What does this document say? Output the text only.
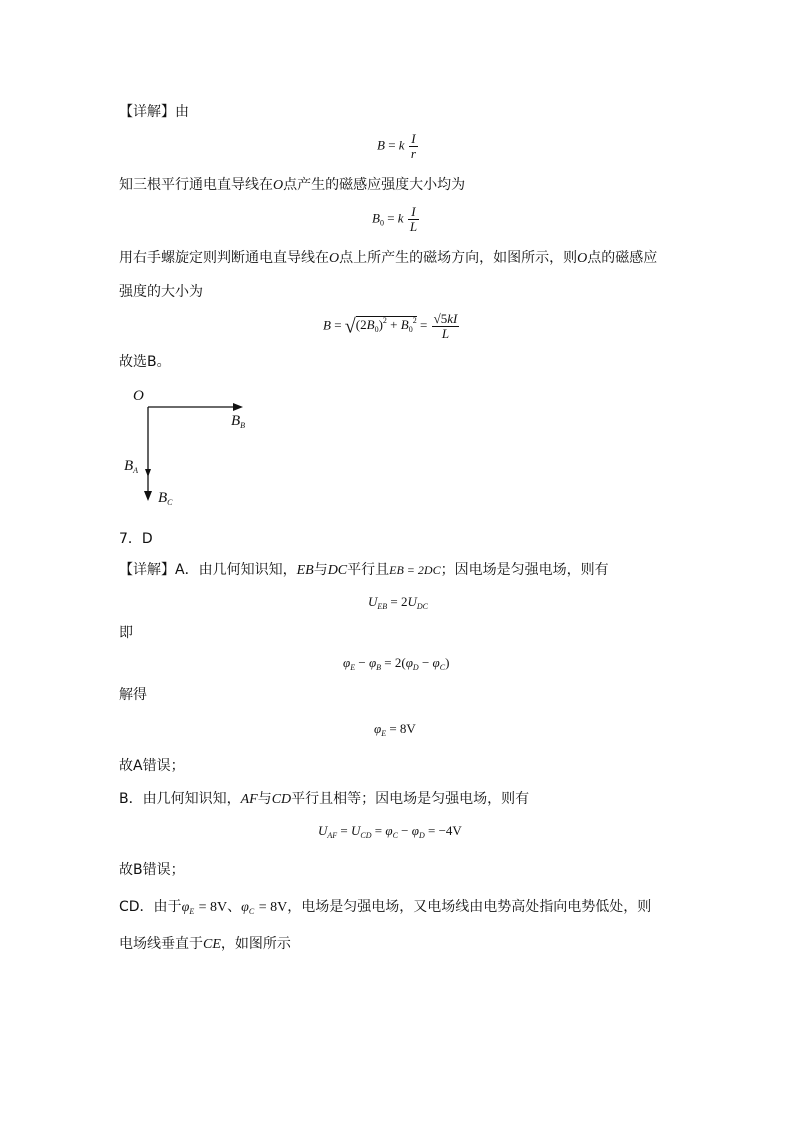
【详解】由
B = k $\frac{I}{r}$
知三根平行通电直导线在O点产生的磁感应强度大小均为
$B_0 = k \frac{I}{L}$
用右手螺旋定则判断通电直导线在O点上所产生的磁场方向，如图所示，则O点的磁感应
强度的大小为
$B = √(2B_0)^2 + B_0^2 = \frac{√5kI}{L}$
故选B。
O
$B_B$
$B_A$
$B_C$
7．D
【详解】A．由几何知识知，EB与DC平行且EB = 2DC；因电场是匀强电场，则有
$U_{EB} = 2U_{DC}$
即
$\varphi_E - \varphi_B = 2(\varphi_D - \varphi_C)$
解得
$\varphi_E = 8V$
故A错误；
B．由几何知识知，AF与CD平行且相等；因电场是匀强电场，则有
$U_{AF} = U_{CD} = \varphi_C - \varphi_D = -4V$
故B错误；
CD．由于$\varphi_E = 8V$、$\varphi_C = 8V$，电场是匀强电场，又电场线由电势高处指向电势低处，则
电场线垂直于CE，如图所示
